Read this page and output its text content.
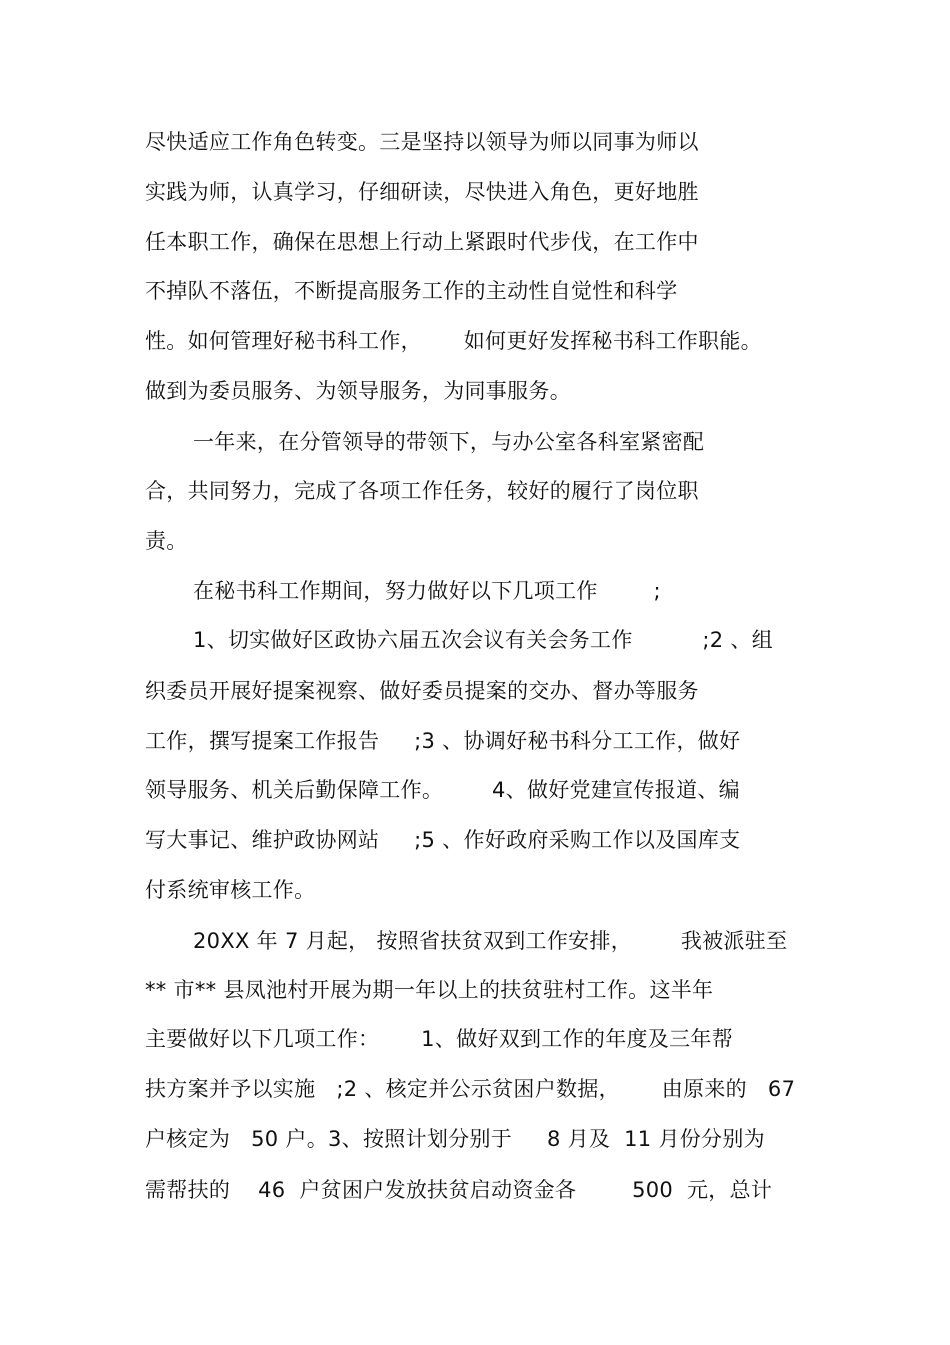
尽快适应工作角色转变。三是坚持以领导为师以同事为师以
实践为师，认真学习，仔细研读，尽快进入角色，更好地胜
任本职工作，确保在思想上行动上紧跟时代步伐，在工作中
不掉队不落伍，不断提高服务工作的主动性自觉性和科学
性。如何管理好秘书科工作，      如何更好发挥秘书科工作职能。
做到为委员服务、为领导服务，为同事服务。
一年来，在分管领导的带领下，与办公室各科室紧密配
合，共同努力，完成了各项工作任务，较好的履行了岗位职
责。
在秘书科工作期间，努力做好以下几项工作        ;
1、切实做好区政协六届五次会议有关会务工作          ;2 、组
织委员开展好提案视察、做好委员提案的交办、督办等服务
工作，撰写提案工作报告     ;3 、协调好秘书科分工工作，做好
领导服务、机关后勤保障工作。       4、做好党建宣传报道、编
写大事记、维护政协网站     ;5 、作好政府采购工作以及国库支
付系统审核工作。
20XX 年 7 月起， 按照省扶贫双到工作安排，       我被派驻至
** 市** 县凤池村开展为期一年以上的扶贫驻村工作。这半年
主要做好以下几项工作：      1、做好双到工作的年度及三年帮
扶方案并予以实施   ;2 、核定并公示贫困户数据，      由原来的   67
户核定为   50 户。3、按照计划分别于     8 月及  11 月份分别为
需帮扶的    46  户贫困户发放扶贫启动资金各        500  元，总计
